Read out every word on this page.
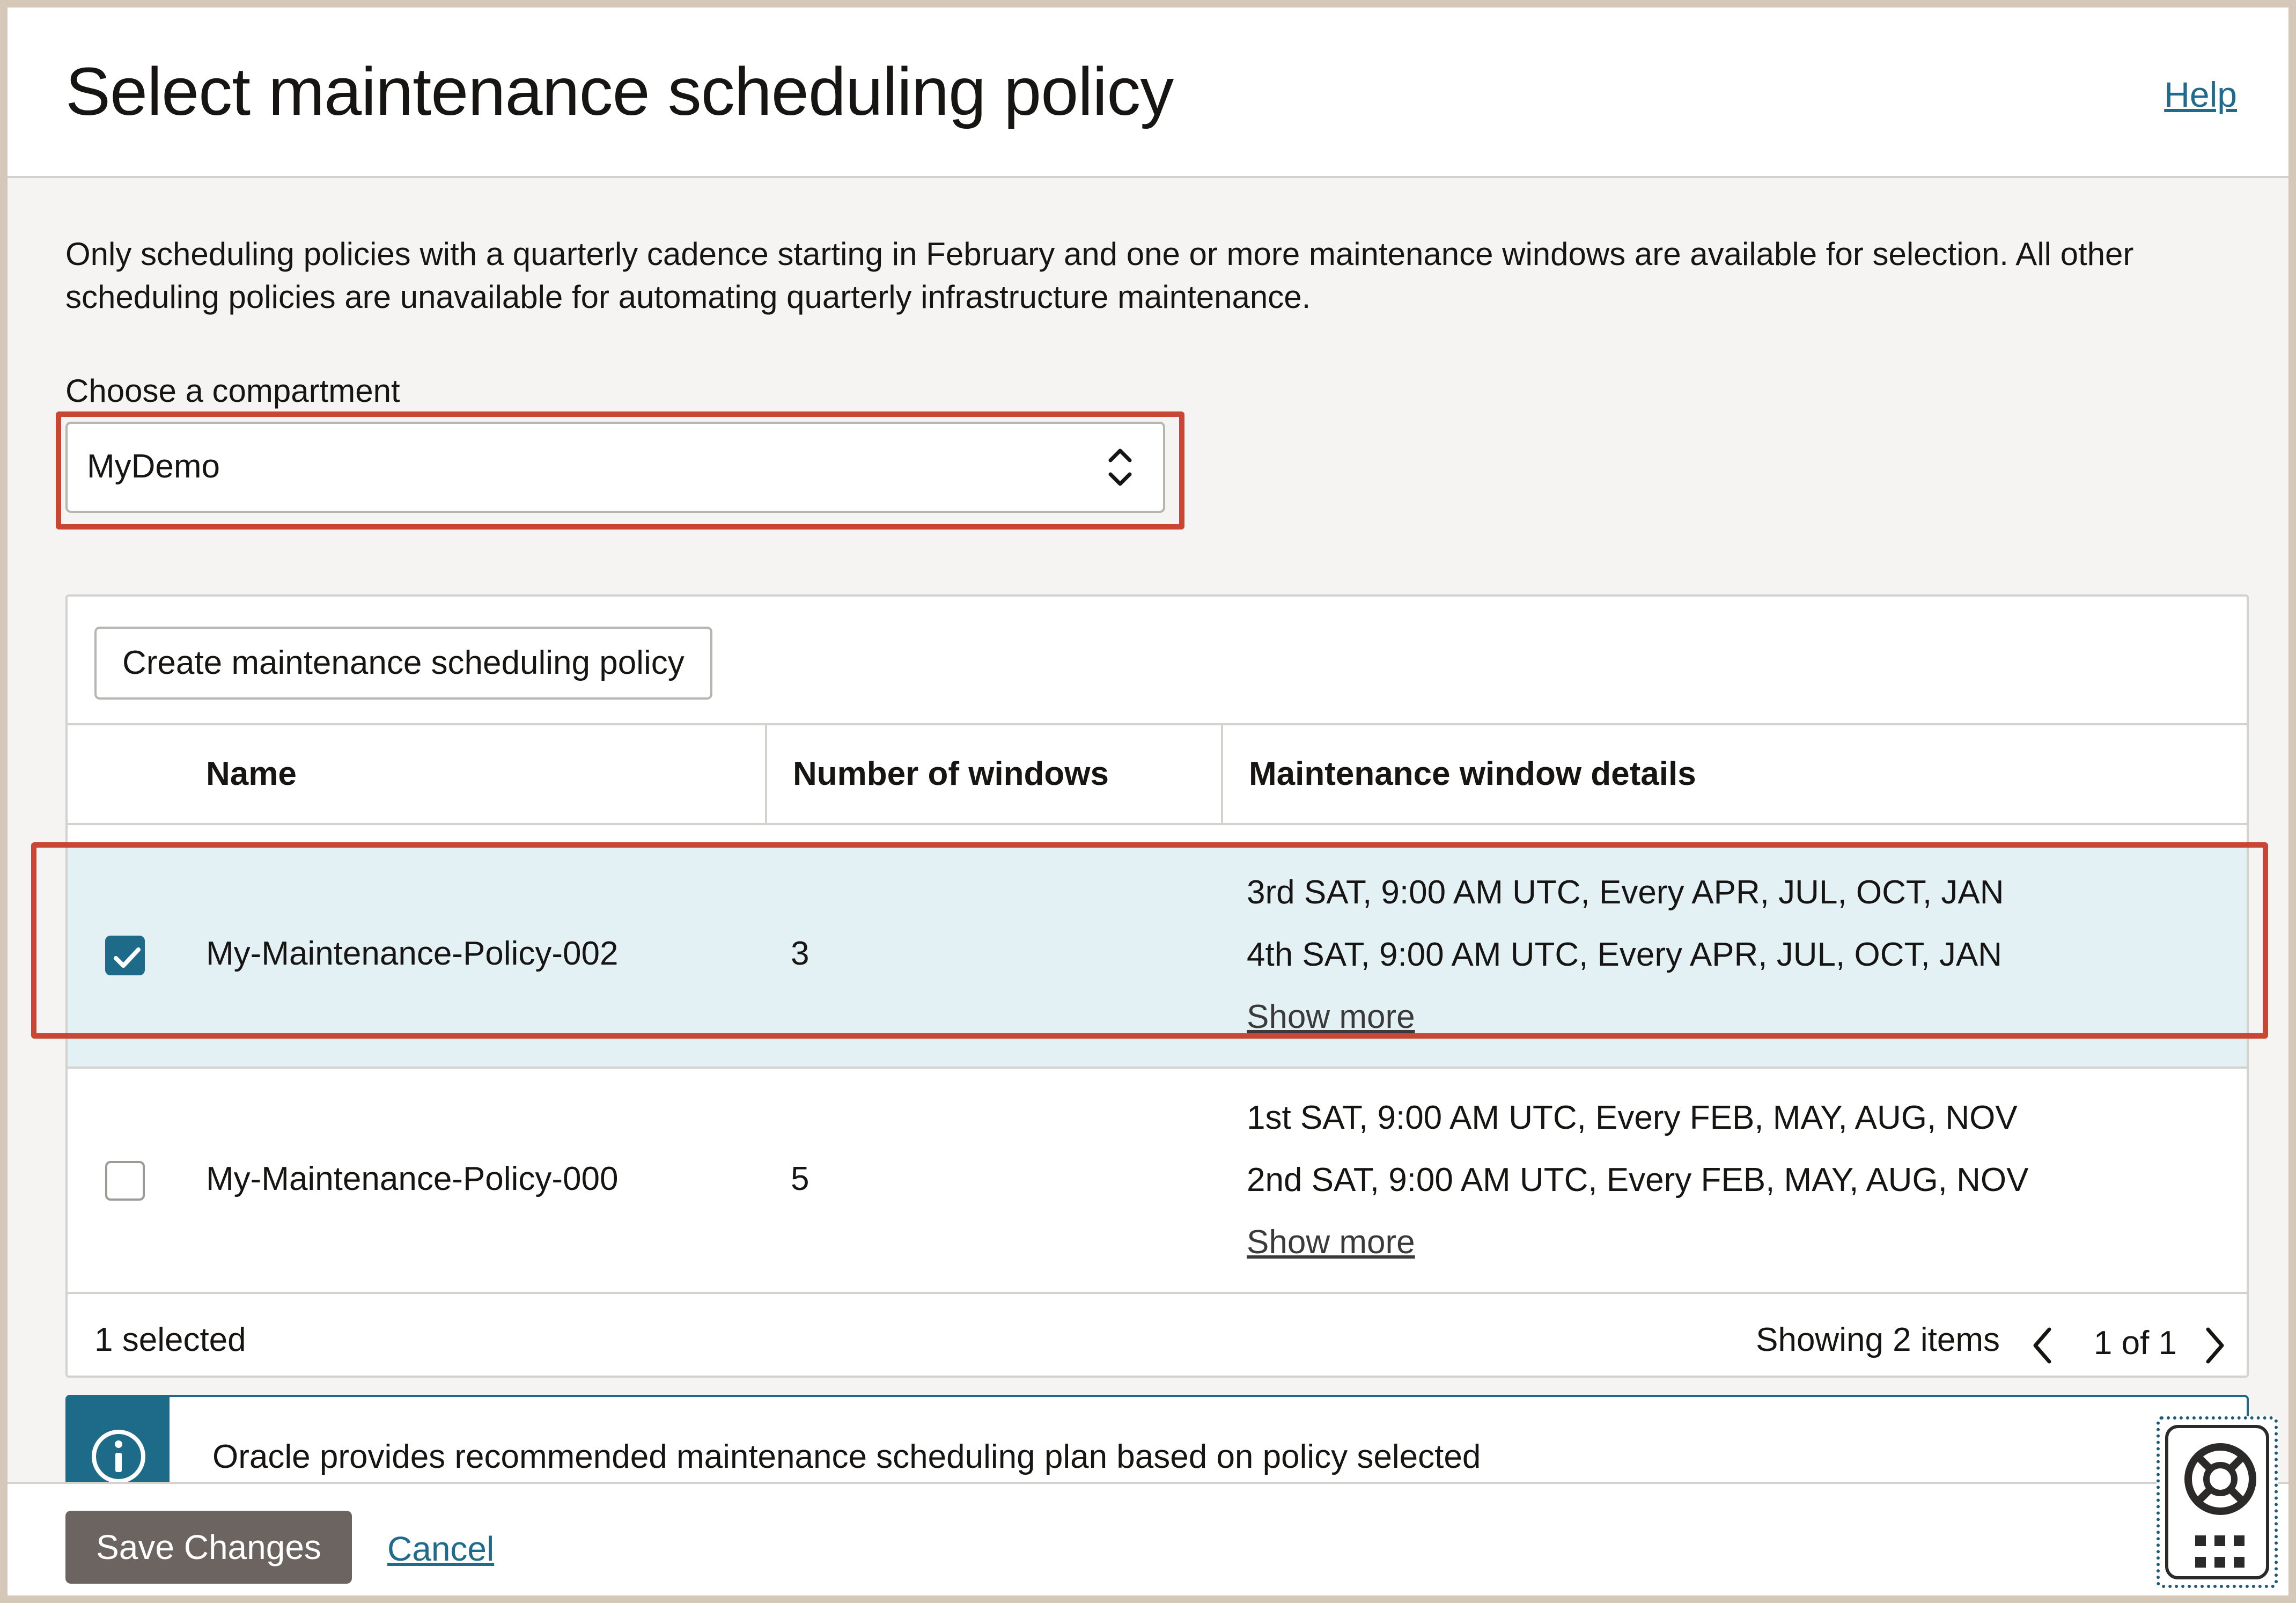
Select maintenance scheduling policy	Help
Only scheduling policies with a quarterly cadence starting in February and one or more maintenance windows are available for selection. All other scheduling policies are unavailable for automating quarterly infrastructure maintenance.
Choose a compartment
MyDemo
Create maintenance scheduling policy
Name	Number of windows	Maintenance window details
My-Maintenance-Policy-002	3
3rd SAT, 9:00 AM UTC, Every APR, JUL, OCT, JAN
4th SAT, 9:00 AM UTC, Every APR, JUL, OCT, JAN
Show more
My-Maintenance-Policy-000	5
1st SAT, 9:00 AM UTC, Every FEB, MAY, AUG, NOV
2nd SAT, 9:00 AM UTC, Every FEB, MAY, AUG, NOV
Show more
1 selected	Showing 2 items	1 of 1
Oracle provides recommended maintenance scheduling plan based on policy selected
Save Changes	Cancel
